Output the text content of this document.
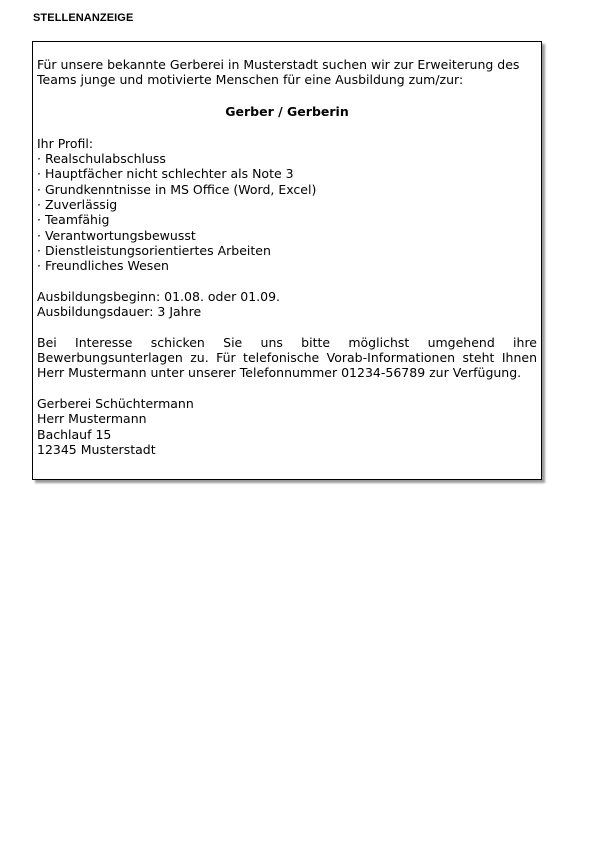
STELLENANZEIGE

Für unsere bekannte Gerberei in Musterstadt suchen wir zur Erweiterung des Teams junge und motivierte Menschen für eine Ausbildung zum/zur:

Gerber / Gerberin

Ihr Profil:

· Realschulabschluss
· Hauptfächer nicht schlechter als Note 3
· Grundkenntnisse in MS Office (Word, Excel)
· Zuverlässig
· Teamfähig
· Verantwortungsbewusst
· Dienstleistungsorientiertes Arbeiten
· Freundliches Wesen
Ausbildungsbeginn: 01.08. oder 01.09.
Ausbildungsdauer: 3 Jahre

Bei Interesse schicken Sie uns bitte möglichst umgehend ihre Bewerbungsunterlagen zu. Für telefonische Vorab-Informationen steht Ihnen Herr Mustermann unter unserer Telefonnummer 01234-56789 zur Verfügung.

Gerberei Schüchtermann
Herr Mustermann
Bachlauf 15
12345 Musterstadt
